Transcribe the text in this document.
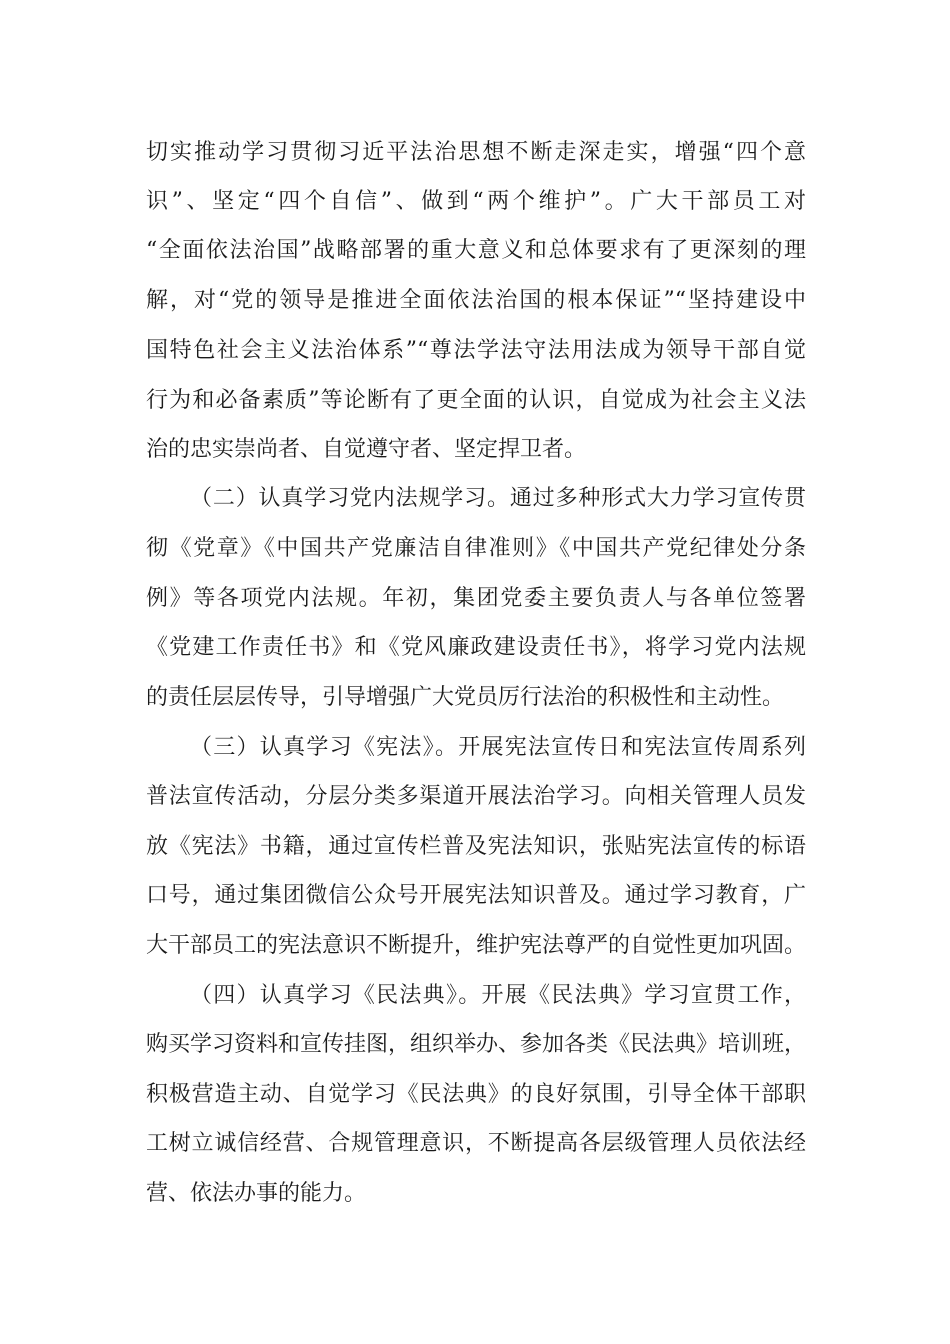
切实推动学习贯彻习近平法治思想不断走深走实，增强“四个意
识”、坚定“四个自信”、做到“两个维护”。广大干部员工对
“全面依法治国”战略部署的重大意义和总体要求有了更深刻的理
解，对“党的领导是推进全面依法治国的根本保证”“坚持建设中
国特色社会主义法治体系”“尊法学法守法用法成为领导干部自觉
行为和必备素质”等论断有了更全面的认识，自觉成为社会主义法
治的忠实崇尚者、自觉遵守者、坚定捍卫者。
（二）认真学习党内法规学习。通过多种形式大力学习宣传贯
彻《党章》《中国共产党廉洁自律准则》《中国共产党纪律处分条
例》等各项党内法规。年初，集团党委主要负责人与各单位签署
《党建工作责任书》和《党风廉政建设责任书》，将学习党内法规
的责任层层传导，引导增强广大党员厉行法治的积极性和主动性。
（三）认真学习《宪法》。开展宪法宣传日和宪法宣传周系列
普法宣传活动，分层分类多渠道开展法治学习。向相关管理人员发
放《宪法》书籍，通过宣传栏普及宪法知识，张贴宪法宣传的标语
口号，通过集团微信公众号开展宪法知识普及。通过学习教育，广
大干部员工的宪法意识不断提升，维护宪法尊严的自觉性更加巩固。
（四）认真学习《民法典》。开展《民法典》学习宣贯工作，
购买学习资料和宣传挂图，组织举办、参加各类《民法典》培训班，
积极营造主动、自觉学习《民法典》的良好氛围，引导全体干部职
工树立诚信经营、合规管理意识，不断提高各层级管理人员依法经
营、依法办事的能力。
